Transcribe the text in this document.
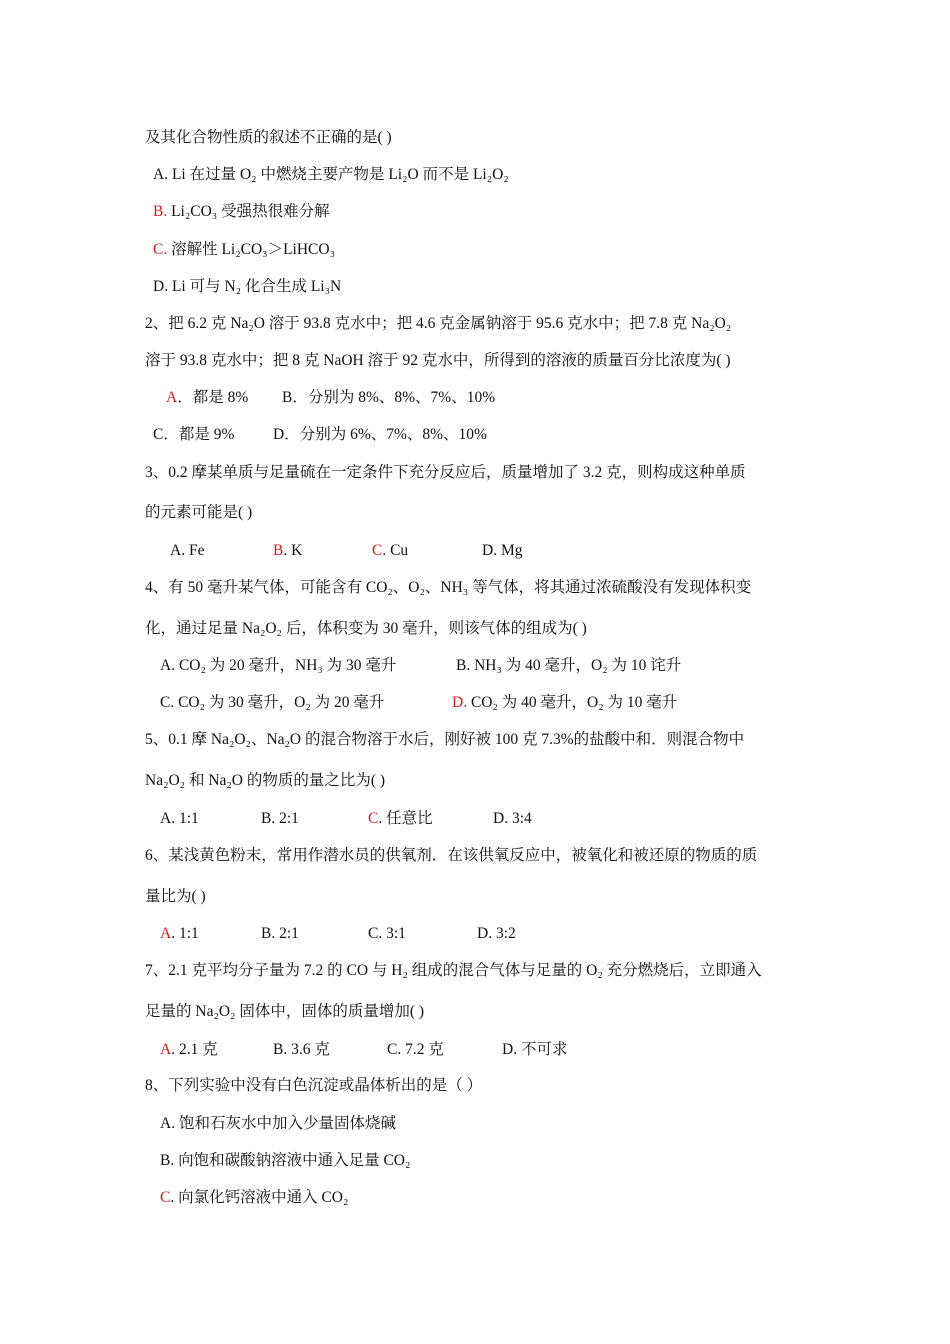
及其化合物性质的叙述不正确的是( )
A. Li 在过量 O₂ 中燃烧主要产物是 Li₂O 而不是 Li₂O₂
B. Li₂CO₃ 受强热很难分解
C. 溶解性 Li₂CO₃＞LiHCO₃
D. Li 可与 N₂ 化合生成 Li₃N
2、把 6.2 克 Na₂O 溶于 93.8 克水中；把 4.6 克金属钠溶于 95.6 克水中；把 7.8 克 Na₂O₂
溶于 93.8 克水中；把 8 克 NaOH 溶于 92 克水中，所得到的溶液的质量百分比浓度为( )
A．都是 8% B．分别为 8%、8%、7%、10%
C．都是 9% D．分别为 6%、7%、8%、10%
3、0.2 摩某单质与足量硫在一定条件下充分反应后，质量增加了 3.2 克，则构成这种单质
的元素可能是( )
A. Fe	B. K	C. Cu	D. Mg
4、有 50 毫升某气体，可能含有 CO₂、O₂、NH₃ 等气体，将其通过浓硫酸没有发现体积变
化，通过足量 Na₂O₂ 后，体积变为 30 毫升，则该气体的组成为( )
A. CO₂ 为 20 毫升，NH₃ 为 30 毫升	B. NH₃ 为 40 毫升，O₂ 为 10 诧升
C. CO₂ 为 30 毫升，O₂ 为 20 毫升	D. CO₂ 为 40 毫升，O₂ 为 10 毫升
5、0.1 摩 Na₂O₂、Na₂O 的混合物溶于水后，刚好被 100 克 7.3%的盐酸中和．则混合物中
Na₂O₂ 和 Na₂O 的物质的量之比为( )
A. 1:1	B. 2:1	C. 任意比	D. 3:4
6、某浅黄色粉末，常用作潜水员的供氧剂．在该供氧反应中，被氧化和被还原的物质的质
量比为( )
A. 1:1	B. 2:1	C. 3:1	D. 3:2
7、2.1 克平均分子量为 7.2 的 CO 与 H₂ 组成的混合气体与足量的 O₂ 充分燃烧后，立即通入
足量的 Na₂O₂ 固体中，固体的质量增加( )
A. 2.1 克	B. 3.6 克	C. 7.2 克	D. 不可求
8、下列实验中没有白色沉淀或晶体析出的是（ ）
A. 饱和石灰水中加入少量固体烧碱
B. 向饱和碳酸钠溶液中通入足量 CO₂
C. 向氯化钙溶液中通入 CO₂
